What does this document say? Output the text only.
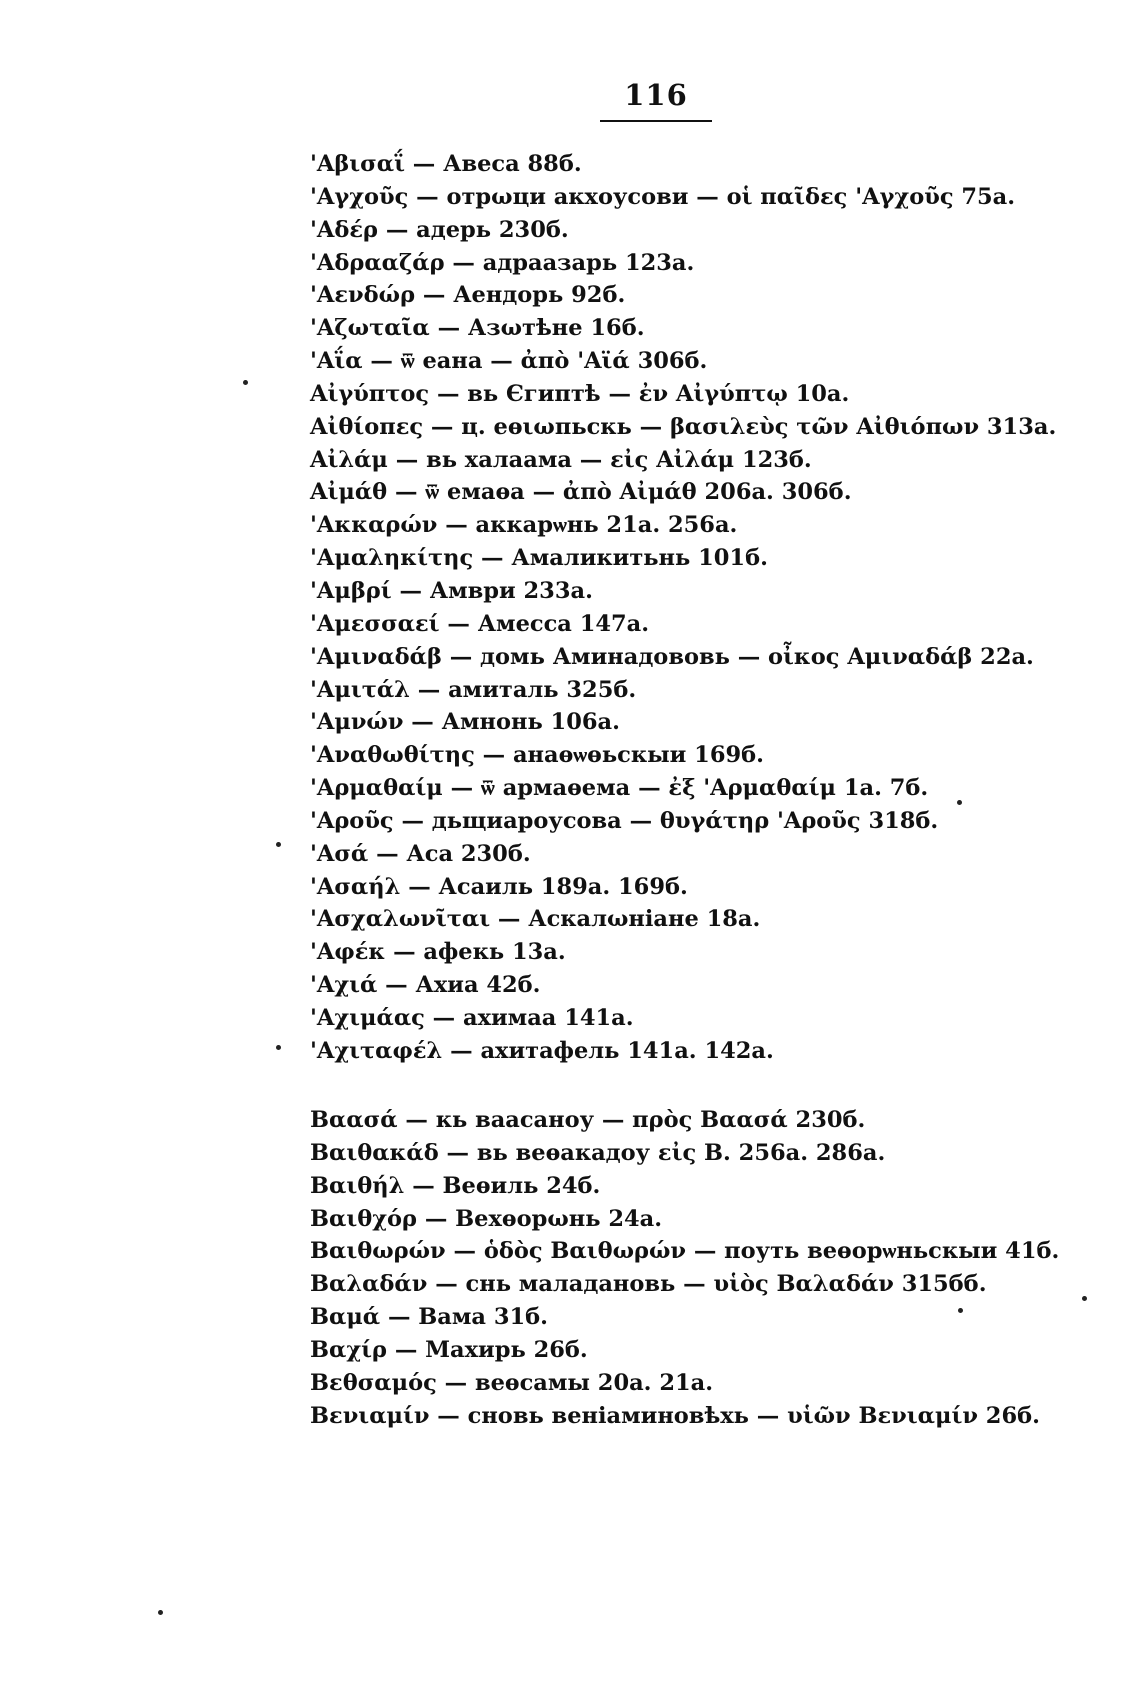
116
'Αβισαΐ — Авеса 88б.
'Αγχοῦς — отрωци акхоусови — οἱ παῖδες 'Αγχοῦς 75а.
'Αδέρ — адерь 230б.
'Αδρααζάρ — адраазарь 123а.
'Αενδώρ — Аендорь 92б.
'Αζωταῖα — Азωтѣне 16б.
'Αΐα — ѿ еана — ἀπὸ 'Αϊά 306б.
Αἰγύπτος — вь Єгиптѣ — ἐν Αἰγύπτῳ 10а.
Αἰθίοπες — ц. еѳιωпьскь — βασιλεὺς τῶν Αἰθιόπων 313а.
Αἰλάμ — вь халаама — εἰς Αἰλάμ 123б.
Αἰμάθ — ѿ емаѳа — ἀπὸ Αἰμάθ 206а. 306б.
'Ακκαρών — аккарѡнь 21а. 256а.
'Αμαληκίτης — Амаликитьнь 101б.
'Αμβρί — Амври 233а.
'Αμεσσαεί — Амесса 147а.
'Αμιναδάβ — домь Аминадововь — οἶκος Αμιναδάβ 22а.
'Αμιτάλ — амиталь 325б.
'Αμνών — Амнонь 106а.
'Αναθωθίτης — анаѳѡѳьскыи 169б.
'Αρμαθαίμ — ѿ армаѳема — ἐξ 'Αρμαθαίμ 1а. 7б.
'Αροῦς — дьщиароусова — θυγάτηρ 'Αροῦς 318б.
'Ασά — Аса 230б.
'Ασαήλ — Асаиль 189а. 169б.
'Ασχαλωνῖται — Аскалωнiане 18а.
'Αφέκ — афекь 13а.
'Αχιά — Ахиа 42б.
'Αχιμάας — ахимаа 141а.
'Αχιταφέλ — ахитафель 141а. 142а.
Βαασά — кь ваасаноу — πρὸς Βαασά 230б.
Βαιθακάδ — вь веѳакадоу εἰς Β. 256а. 286а.
Βαιθήλ — Веѳиль 24б.
Βαιθχόρ — Вехѳорωнь 24а.
Βαιθωρών — ὁδὸς Βαιθωρών — поуть веѳорѡньскыи 41б.
Βαλαδάν — снь маладановь — υἱὸς Βαλαδάν 315бб.
Βαμά — Вама 31б.
Βαχίρ — Махирь 26б.
Βεθσαμός — веѳсамы 20а. 21а.
Βενιαμίν — сновь венiаминовѣхь — υἱῶν Βενιαμίν 26б.
